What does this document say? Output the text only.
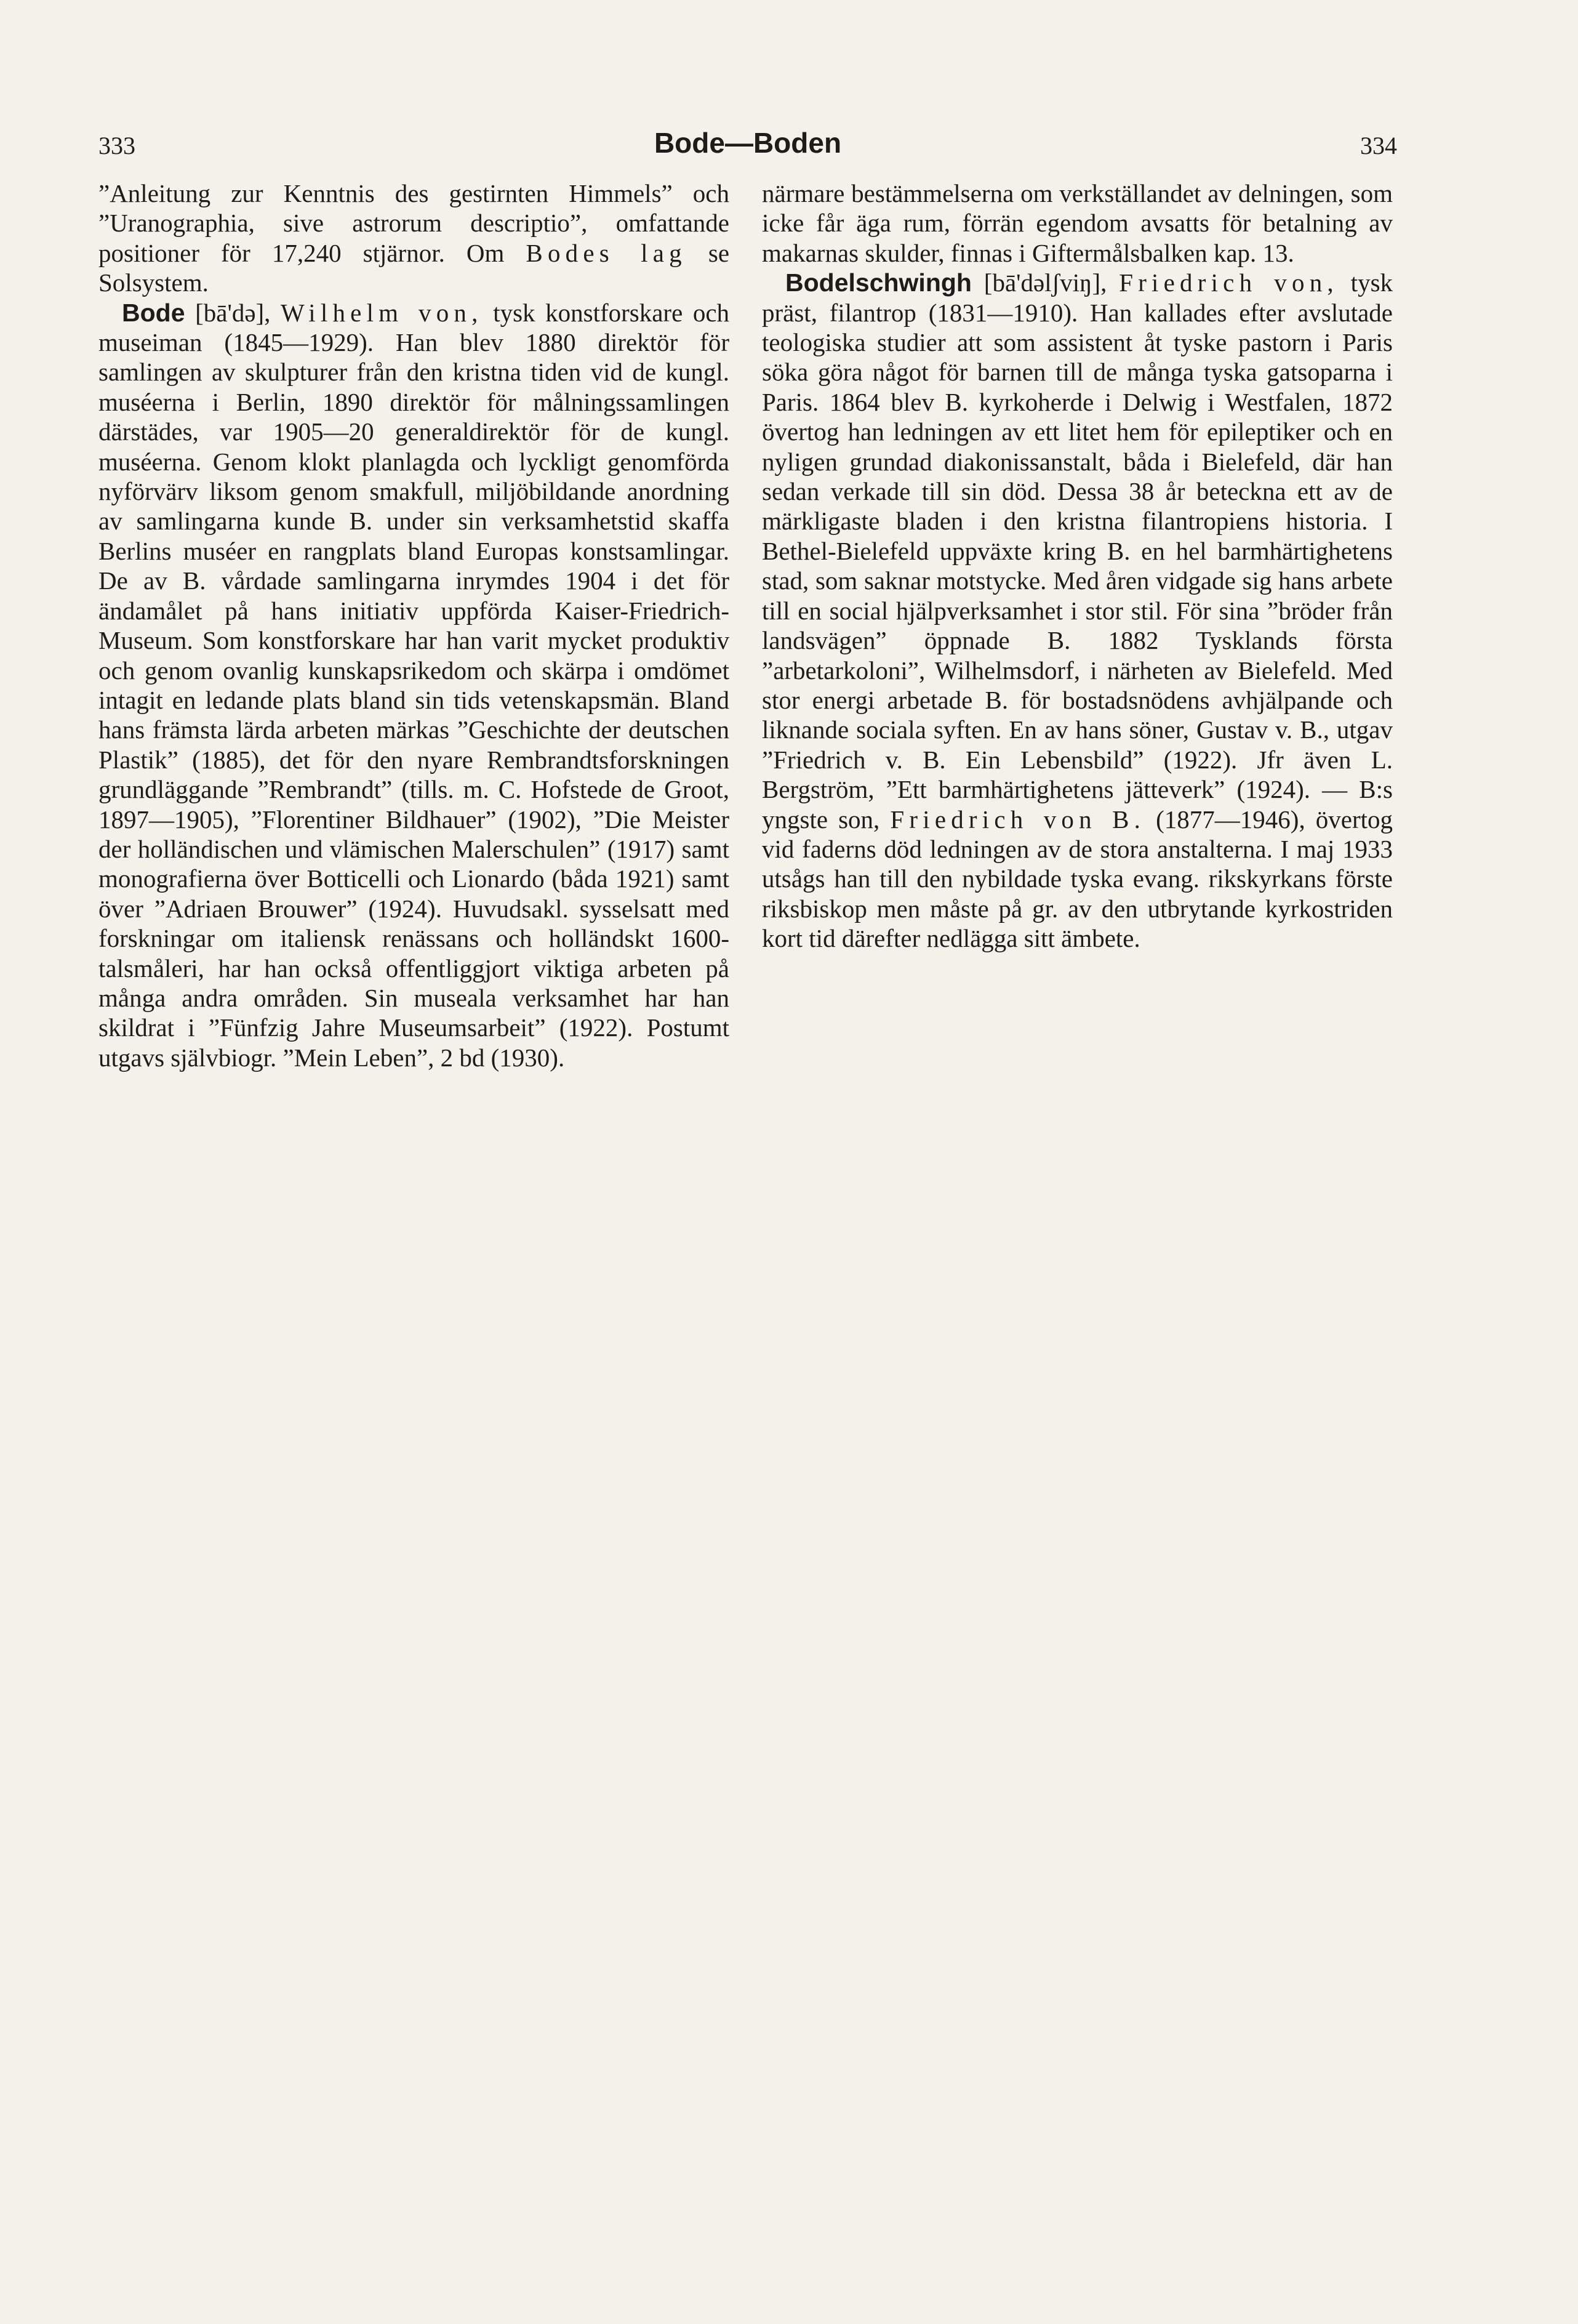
333	Bode—Boden	334

”Anleitung zur Kenntnis des gestirnten Himmels” och ”Uranographia, sive astrorum descriptio”, omfattande positioner för 17,240 stjärnor. Om Bodes lag se Solsystem.

Bode [bā'də], Wilhelm von, tysk konstforskare och museiman (1845—1929). Han blev 1880 direktör för samlingen av skulpturer från den kristna tiden vid de kungl. muséerna i Berlin, 1890 direktör för målningssamlingen därstädes, var 1905—20 generaldirektör för de kungl. muséerna. Genom klokt planlagda och lyckligt genomförda nyförvärv liksom genom smakfull, miljöbildande anordning av samlingarna kunde B. under sin verksamhetstid skaffa Berlins muséer en rangplats bland Europas konstsamlingar. De av B. vårdade samlingarna inrymdes 1904 i det för ändamålet på hans initiativ uppförda Kaiser-Friedrich-Museum. Som konstforskare har han varit mycket produktiv och genom ovanlig kunskapsrikedom och skärpa i omdömet intagit en ledande plats bland sin tids vetenskapsmän. Bland hans främsta lärda arbeten märkas ”Geschichte der deutschen Plastik” (1885), det för den nyare Rembrandtsforskningen grundläggande ”Rembrandt” (tills. m. C. Hofstede de Groot, 1897—1905), ”Florentiner Bildhauer” (1902), ”Die Meister der holländischen und vlämischen Malerschulen” (1917) samt monografierna över Botticelli och Lionardo (båda 1921) samt över ”Adriaen Brouwer” (1924). Huvudsakl. sysselsatt med forskningar om italiensk renässans och holländskt 1600-talsmåleri, har han också offentliggjort viktiga arbeten på många andra områden. Sin museala verksamhet har han skildrat i ”Fünfzig Jahre Museumsarbeit” (1922). Postumt utgavs självbiogr. ”Mein Leben”, 2 bd (1930).

närmare bestämmelserna om verkställandet av delningen, som icke får äga rum, förrän egendom avsatts för betalning av makarnas skulder, finnas i Giftermålsbalken kap. 13.

Bodelschwingh [bā'dəlʃviŋ], Friedrich von, tysk präst, filantrop (1831—1910). Han kallades efter avslutade teologiska studier att som assistent åt tyske pastorn i Paris söka göra något för barnen till de många tyska gatsoparna i Paris. 1864 blev B. kyrkoherde i Delwig i Westfalen, 1872 övertog han ledningen av ett litet hem för epileptiker och en nyligen grundad diakonissanstalt, båda i Bielefeld, där han sedan verkade till sin död. Dessa 38 år beteckna ett av de märkligaste bladen i den kristna filantropiens historia. I Bethel-Bielefeld uppväxte kring B. en hel barmhärtighetens stad, som saknar motstycke. Med åren vidgade sig hans arbete till en social hjälpverksamhet i stor stil. För sina ”bröder från landsvägen” öppnade B. 1882 Tysklands första ”arbetarkoloni”, Wilhelmsdorf, i närheten av Bielefeld. Med stor energi arbetade B. för bostadsnödens avhjälpande och liknande sociala syften. En av hans söner, Gustav v. B., utgav ”Friedrich v. B. Ein Lebensbild” (1922). Jfr även L. Bergström, ”Ett barmhärtighetens jätteverk” (1924). — B:s yngste son, Friedrich von B. (1877—1946), övertog vid faderns död ledningen av de stora anstalterna. I maj 1933 utsågs han till den nybildade tyska evang. rikskyrkans förste riksbiskop men måste på gr. av den utbrytande kyrkostriden kort tid därefter nedlägga sitt ämbete.
